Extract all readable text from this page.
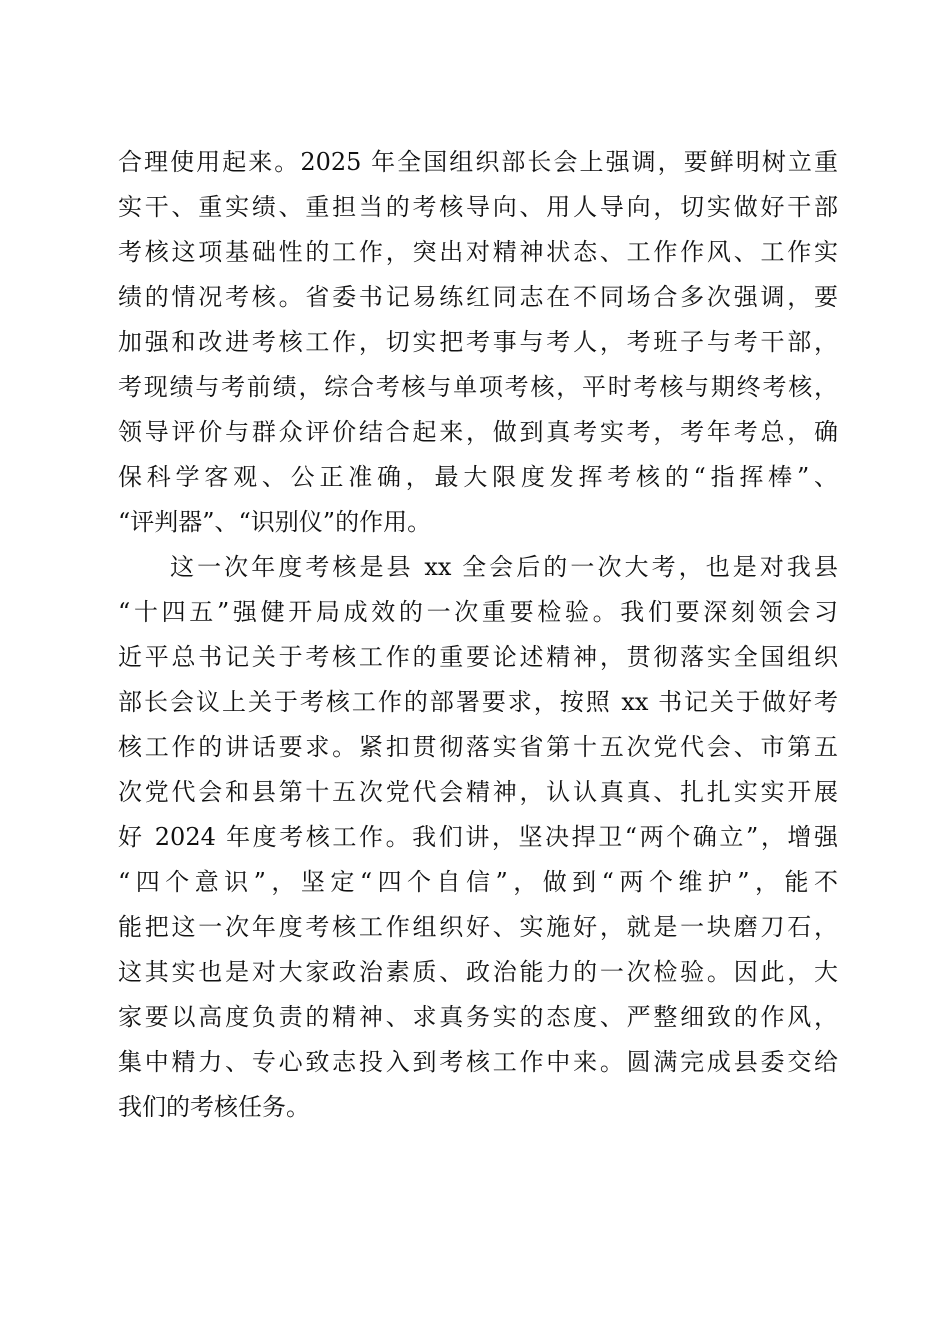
合理使用起来。2025 年全国组织部长会上强调，要鲜明树立重
实干、重实绩、重担当的考核导向、用人导向，切实做好干部
考核这项基础性的工作，突出对精神状态、工作作风、工作实
绩的情况考核。省委书记易练红同志在不同场合多次强调，要
加强和改进考核工作，切实把考事与考人，考班子与考干部，
考现绩与考前绩，综合考核与单项考核，平时考核与期终考核，
领导评价与群众评价结合起来，做到真考实考，考年考总，确
保科学客观、公正准确，最大限度发挥考核的“指挥棒”、
“评判器”、“识别仪”的作用。
这一次年度考核是县 xx 全会后的一次大考，也是对我县
“十四五”强健开局成效的一次重要检验。我们要深刻领会习
近平总书记关于考核工作的重要论述精神，贯彻落实全国组织
部长会议上关于考核工作的部署要求，按照 xx 书记关于做好考
核工作的讲话要求。紧扣贯彻落实省第十五次党代会、市第五
次党代会和县第十五次党代会精神，认认真真、扎扎实实开展
好 2024 年度考核工作。我们讲，坚决捍卫“两个确立”，增强
“四个意识”，坚定“四个自信”，做到“两个维护”，能不
能把这一次年度考核工作组织好、实施好，就是一块磨刀石，
这其实也是对大家政治素质、政治能力的一次检验。因此，大
家要以高度负责的精神、求真务实的态度、严整细致的作风，
集中精力、专心致志投入到考核工作中来。圆满完成县委交给
我们的考核任务。
